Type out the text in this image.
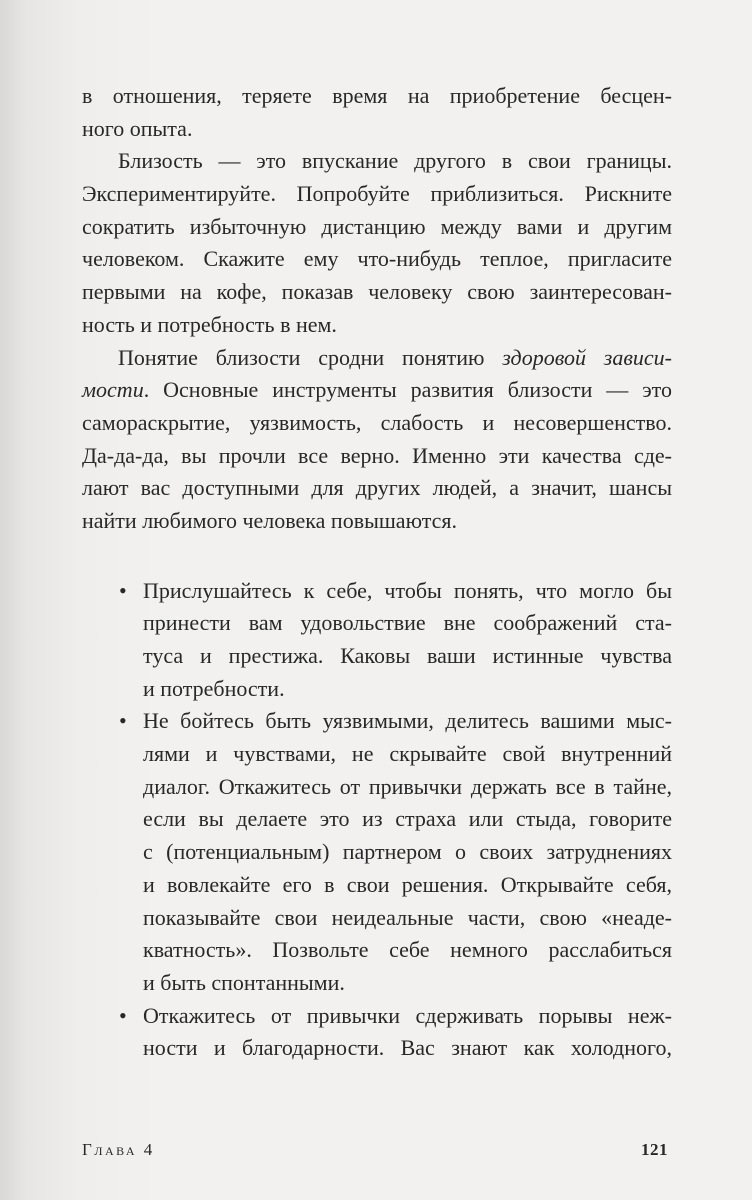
в отношения, теряете время на приобретение бесцен-
ного опыта.

Близость — это впускание другого в свои границы.
Экспериментируйте. Попробуйте приблизиться. Рискните
сократить избыточную дистанцию между вами и другим
человеком. Скажите ему что-нибудь теплое, пригласите
первыми на кофе, показав человеку свою заинтересован-
ность и потребность в нем.

Понятие близости сродни понятию здоровой зависи-
мости. Основные инструменты развития близости — это
самораскрытие, уязвимость, слабость и несовершенство.
Да-да-да, вы прочли все верно. Именно эти качества сде-
лают вас доступными для других людей, а значит, шансы
найти любимого человека повышаются.

• Прислушайтесь к себе, чтобы понять, что могло бы
принести вам удовольствие вне соображений ста-
туса и престижа. Каковы ваши истинные чувства
и потребности.
• Не бойтесь быть уязвимыми, делитесь вашими мыс-
лями и чувствами, не скрывайте свой внутренний
диалог. Откажитесь от привычки держать все в тайне,
если вы делаете это из страха или стыда, говорите
с (потенциальным) партнером о своих затруднениях
и вовлекайте его в свои решения. Открывайте себя,
показывайте свои неидеальные части, свою «неаде-
кватность». Позвольте себе немного расслабиться
и быть спонтанными.
• Откажитесь от привычки сдерживать порывы неж-
ности и благодарности. Вас знают как холодного,
Глава 4	121
